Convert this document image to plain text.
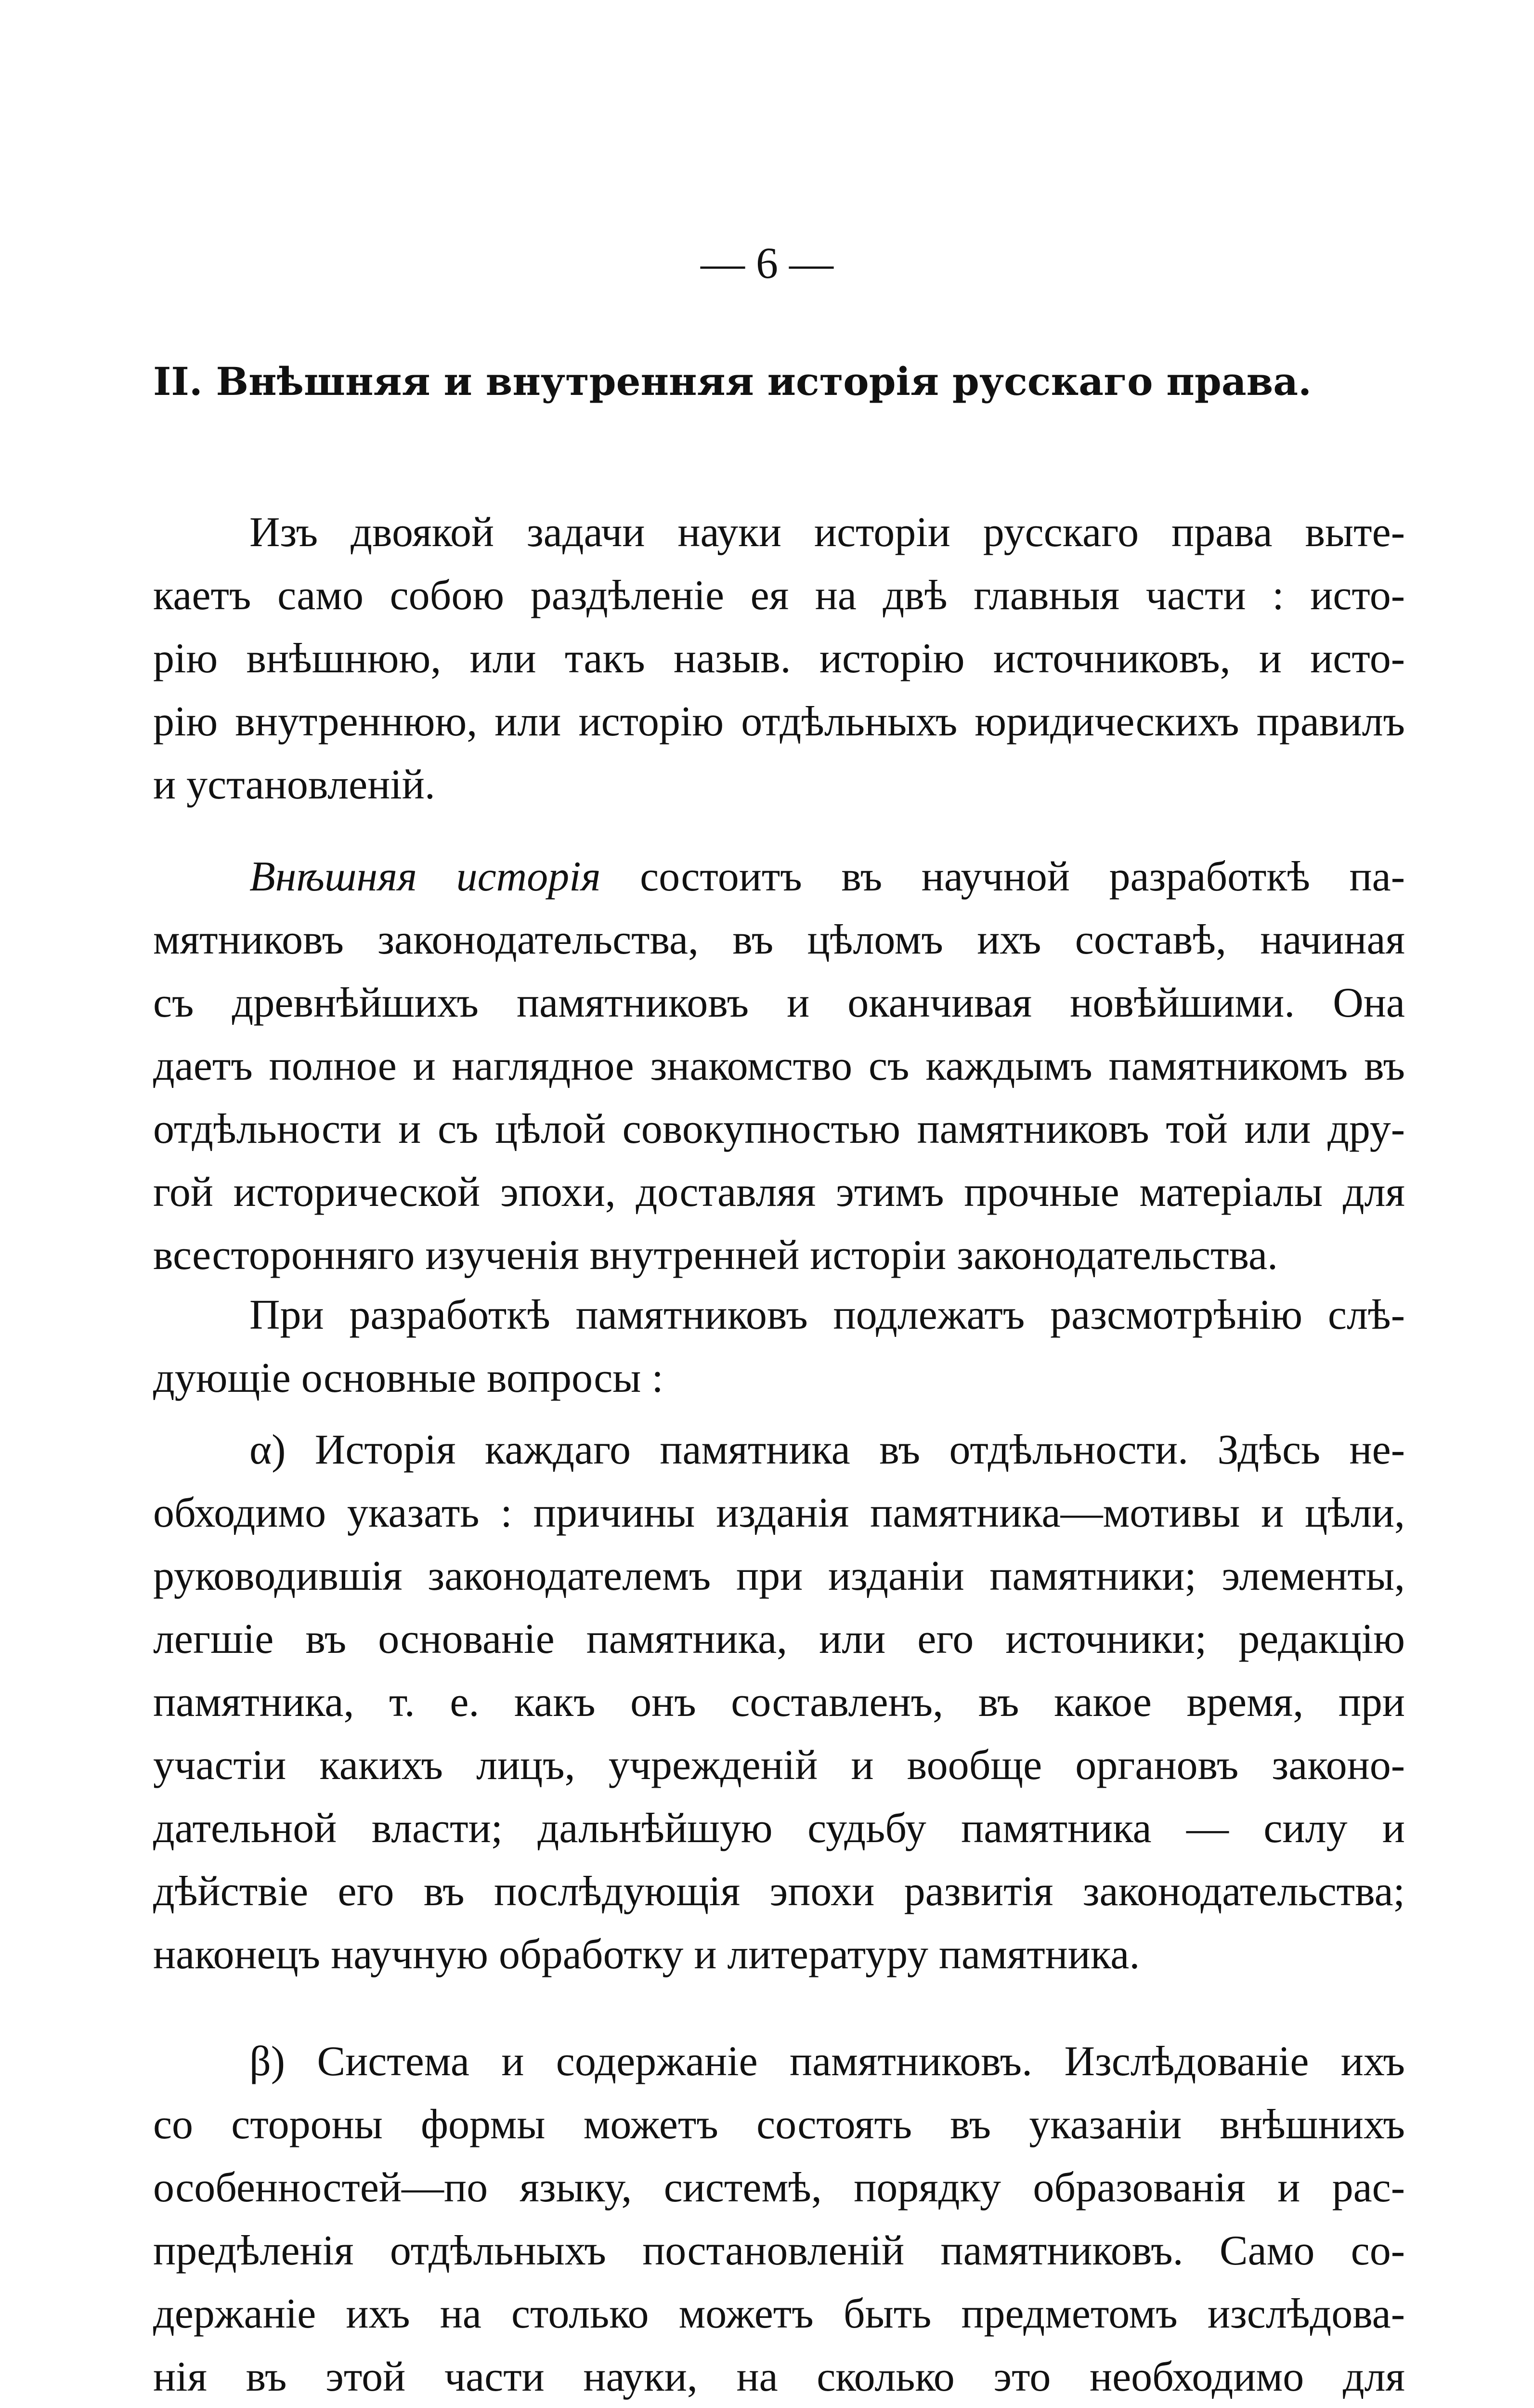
— 6 —
II. Внѣшняя и внутренняя исторія русскаго права.
Изъ двоякой задачи науки исторіи русскаго права выте-
каетъ само собою раздѣленіе ея на двѣ главныя части : исто-
рію внѣшнюю, или такъ назыв. исторію источниковъ, и исто-
рію внутреннюю, или исторію отдѣльныхъ юридическихъ правилъ
и установленій.
Внѣшняя исторія состоитъ въ научной разработкѣ па-
мятниковъ законодательства, въ цѣломъ ихъ составѣ, начиная
съ древнѣйшихъ памятниковъ и оканчивая новѣйшими. Она
даетъ полное и наглядное знакомство съ каждымъ памятникомъ въ
отдѣльности и съ цѣлой совокупностью памятниковъ той или дру-
гой исторической эпохи, доставляя этимъ прочные матеріалы для
всесторонняго изученія внутренней исторіи законодательства.
При разработкѣ памятниковъ подлежатъ разсмотрѣнію слѣ-
дующіе основные вопросы :
α) Исторія каждаго памятника въ отдѣльности. Здѣсь не-
обходимо указать : причины изданія памятника—мотивы и цѣли,
руководившія законодателемъ при изданіи памятники; элементы,
легшіе въ основаніе памятника, или его источники; редакцію
памятника, т. е. какъ онъ составленъ, въ какое время, при
участіи какихъ лицъ, учрежденій и вообще органовъ законо-
дательной власти; дальнѣйшую судьбу памятника — силу и
дѣйствіе его въ послѣдующія эпохи развитія законодательства;
наконецъ научную обработку и литературу памятника.
β) Система и содержаніе памятниковъ. Изслѣдованіе ихъ
со стороны формы можетъ состоять въ указаніи внѣшнихъ
особенностей—по языку, системѣ, порядку образованія и рас-
предѣленія отдѣльныхъ постановленій памятниковъ. Само со-
держаніе ихъ на столько можетъ быть предметомъ изслѣдова-
нія въ этой части науки, на сколько это необходимо для
